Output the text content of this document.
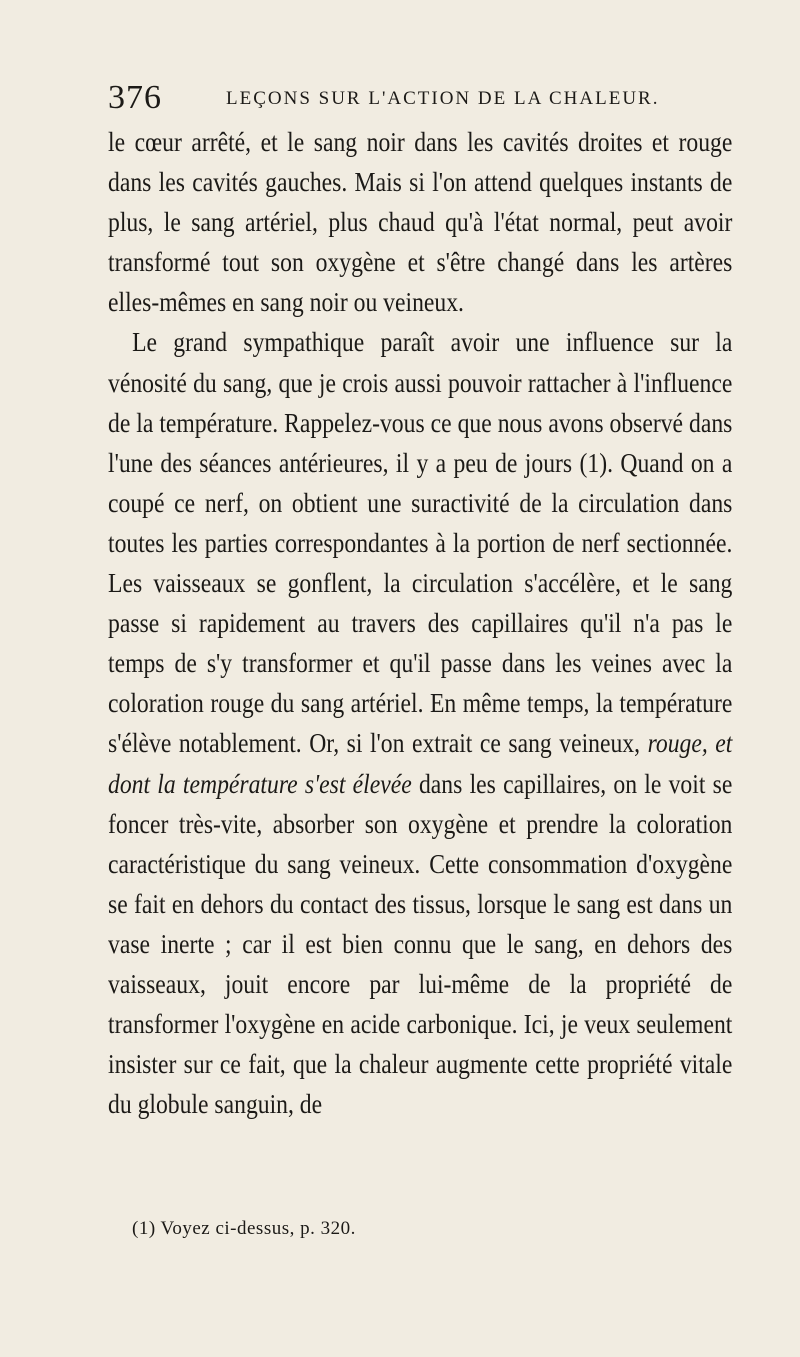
376	LEÇONS SUR L'ACTION DE LA CHALEUR.

le cœur arrêté, et le sang noir dans les cavités droites et rouge dans les cavités gauches. Mais si l'on attend quelques instants de plus, le sang artériel, plus chaud qu'à l'état normal, peut avoir transformé tout son oxygène et s'être changé dans les artères elles-mêmes en sang noir ou veineux.

Le grand sympathique paraît avoir une influence sur la vénosité du sang, que je crois aussi pouvoir rattacher à l'influence de la température. Rappelez-vous ce que nous avons observé dans l'une des séances antérieures, il y a peu de jours (1). Quand on a coupé ce nerf, on obtient une suractivité de la circulation dans toutes les parties correspondantes à la portion de nerf sectionnée. Les vaisseaux se gonflent, la circulation s'accélère, et le sang passe si rapidement au travers des capillaires qu'il n'a pas le temps de s'y transformer et qu'il passe dans les veines avec la coloration rouge du sang artériel. En même temps, la température s'élève notablement. Or, si l'on extrait ce sang veineux, rouge, et dont la température s'est élevée dans les capillaires, on le voit se foncer très-vite, absorber son oxygène et prendre la coloration caractéristique du sang veineux. Cette consommation d'oxygène se fait en dehors du contact des tissus, lorsque le sang est dans un vase inerte ; car il est bien connu que le sang, en dehors des vaisseaux, jouit encore par lui-même de la propriété de transformer l'oxygène en acide carbonique. Ici, je veux seulement insister sur ce fait, que la chaleur augmente cette propriété vitale du globule sanguin, de

(1) Voyez ci-dessus, p. 320.
